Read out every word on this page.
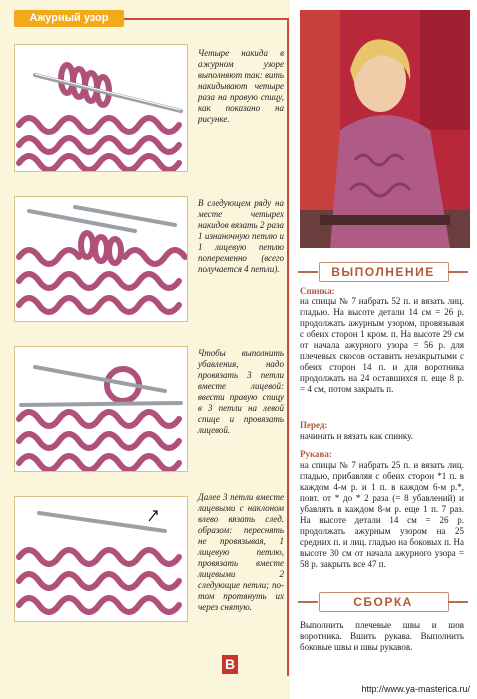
Ажурный узор
Четыре накида в ажурном узоре выполняют так: вить накидывают четыре раза на правую спицу, как показано на рисунке.
В следующем ряду на месте четырех накидов вязать 2 раза 1 изнаночную петлю и 1 лицевую петлю попеременно (всего получается 4 петли).
Чтобы выполнить убавления, надо провязать 3 петли вместе лицевой: ввести правую спицу в 3 петли на левой спице и провязать лицевой.
Далее 3 петли вместе лицевыми с наклоном влево вязать след. образом: переснять не провязывая, 1 лицевую петлю, провязать вместе лицевыми 2 следующие петли; по-том протянуть их через снятую.
B
ВЫПОЛНЕНИЕ
Спинка:
на спицы № 7 набрать 52 п. и вязать лиц. гладью. На высоте детали 14 см = 26 р. продолжать ажурным узором, провязывая с обеих сторон 1 кром. п. На высоте 29 см от начала ажурного узора = 56 р. для плечевых скосов оставить незакрытыми с обеих сторон 14 п. и для воротника продолжать на 24 оставшихся п. еще 8 р. = 4 см, потом закрыть п.
Перед:
начинать и вязать как спинку.
Рукава:
на спицы № 7 набрать 25 п. и вязать лиц. гладью, прибавляя с обеих сторон *1 п. в каждом 4-м р. и 1 п. в каждом 6-м р.*, повт. от * до * 2 раза (= 8 убавлений) и убавлять в каждом 8-м р. еще 1 п. 7 раз. На высоте детали 14 см = 26 р. продолжать ажурным узором на 25 средних п. и лиц. гладью на боковых п. На высоте 30 см от начала ажурного узора = 58 р. закрыть все 47 п.
СБОРКА
Выполнить плечевые швы и шов воротника. Вшить рукава. Выполнить боковые швы и швы рукавов.
http://www.ya-masterica.ru/
